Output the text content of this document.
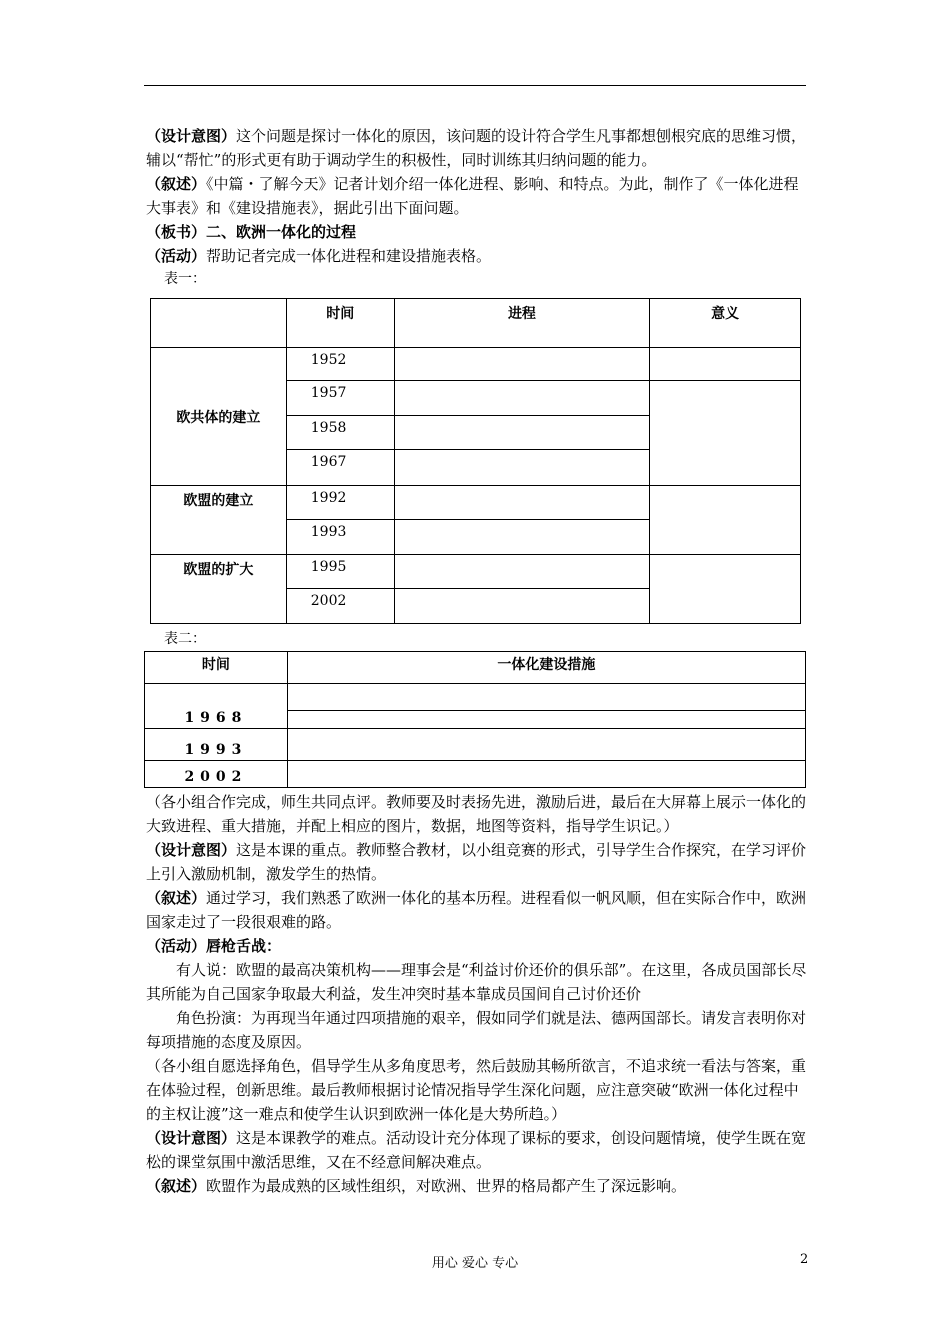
（设计意图）这个问题是探讨一体化的原因，该问题的设计符合学生凡事都想刨根究底的思维习惯，辅以“帮忙”的形式更有助于调动学生的积极性，同时训练其归纳问题的能力。

（叙述）《中篇・了解今天》记者计划介绍一体化进程、影响、和特点。为此，制作了《一体化进程大事表》和《建设措施表》，据此引出下面问题。

（板书）二、欧洲一体化的过程

（活动）帮助记者完成一体化进程和建设措施表格。

表一：
	时间	进程	意义
欧共体的建立	1952		
	1957		
	1958		
	1967		
欧盟的建立	1992		
	1993		
欧盟的扩大	1995		
	2002		
表二：
时间	一体化建设措施
1968	

1993	
2002	

（各小组合作完成，师生共同点评。教师要及时表扬先进，激励后进，最后在大屏幕上展示一体化的大致进程、重大措施，并配上相应的图片，数据，地图等资料，指导学生识记。）

（设计意图）这是本课的重点。教师整合教材，以小组竞赛的形式，引导学生合作探究，在学习评价上引入激励机制，激发学生的热情。

（叙述）通过学习，我们熟悉了欧洲一体化的基本历程。进程看似一帆风顺，但在实际合作中，欧洲国家走过了一段很艰难的路。

（活动）唇枪舌战：

有人说：欧盟的最高决策机构——理事会是“利益讨价还价的俱乐部”。在这里，各成员国部长尽其所能为自己国家争取最大利益，发生冲突时基本靠成员国间自己讨价还价

角色扮演：为再现当年通过四项措施的艰辛，假如同学们就是法、德两国部长。请发言表明你对每项措施的态度及原因。

（各小组自愿选择角色，倡导学生从多角度思考，然后鼓励其畅所欲言，不追求统一看法与答案，重在体验过程，创新思维。最后教师根据讨论情况指导学生深化问题，应注意突破“欧洲一体化过程中的主权让渡”这一难点和使学生认识到欧洲一体化是大势所趋。）

（设计意图）这是本课教学的难点。活动设计充分体现了课标的要求，创设问题情境，使学生既在宽松的课堂氛围中激活思维，又在不经意间解决难点。

（叙述）欧盟作为最成熟的区域性组织，对欧洲、世界的格局都产生了深远影响。

用心 爱心 专心	2
